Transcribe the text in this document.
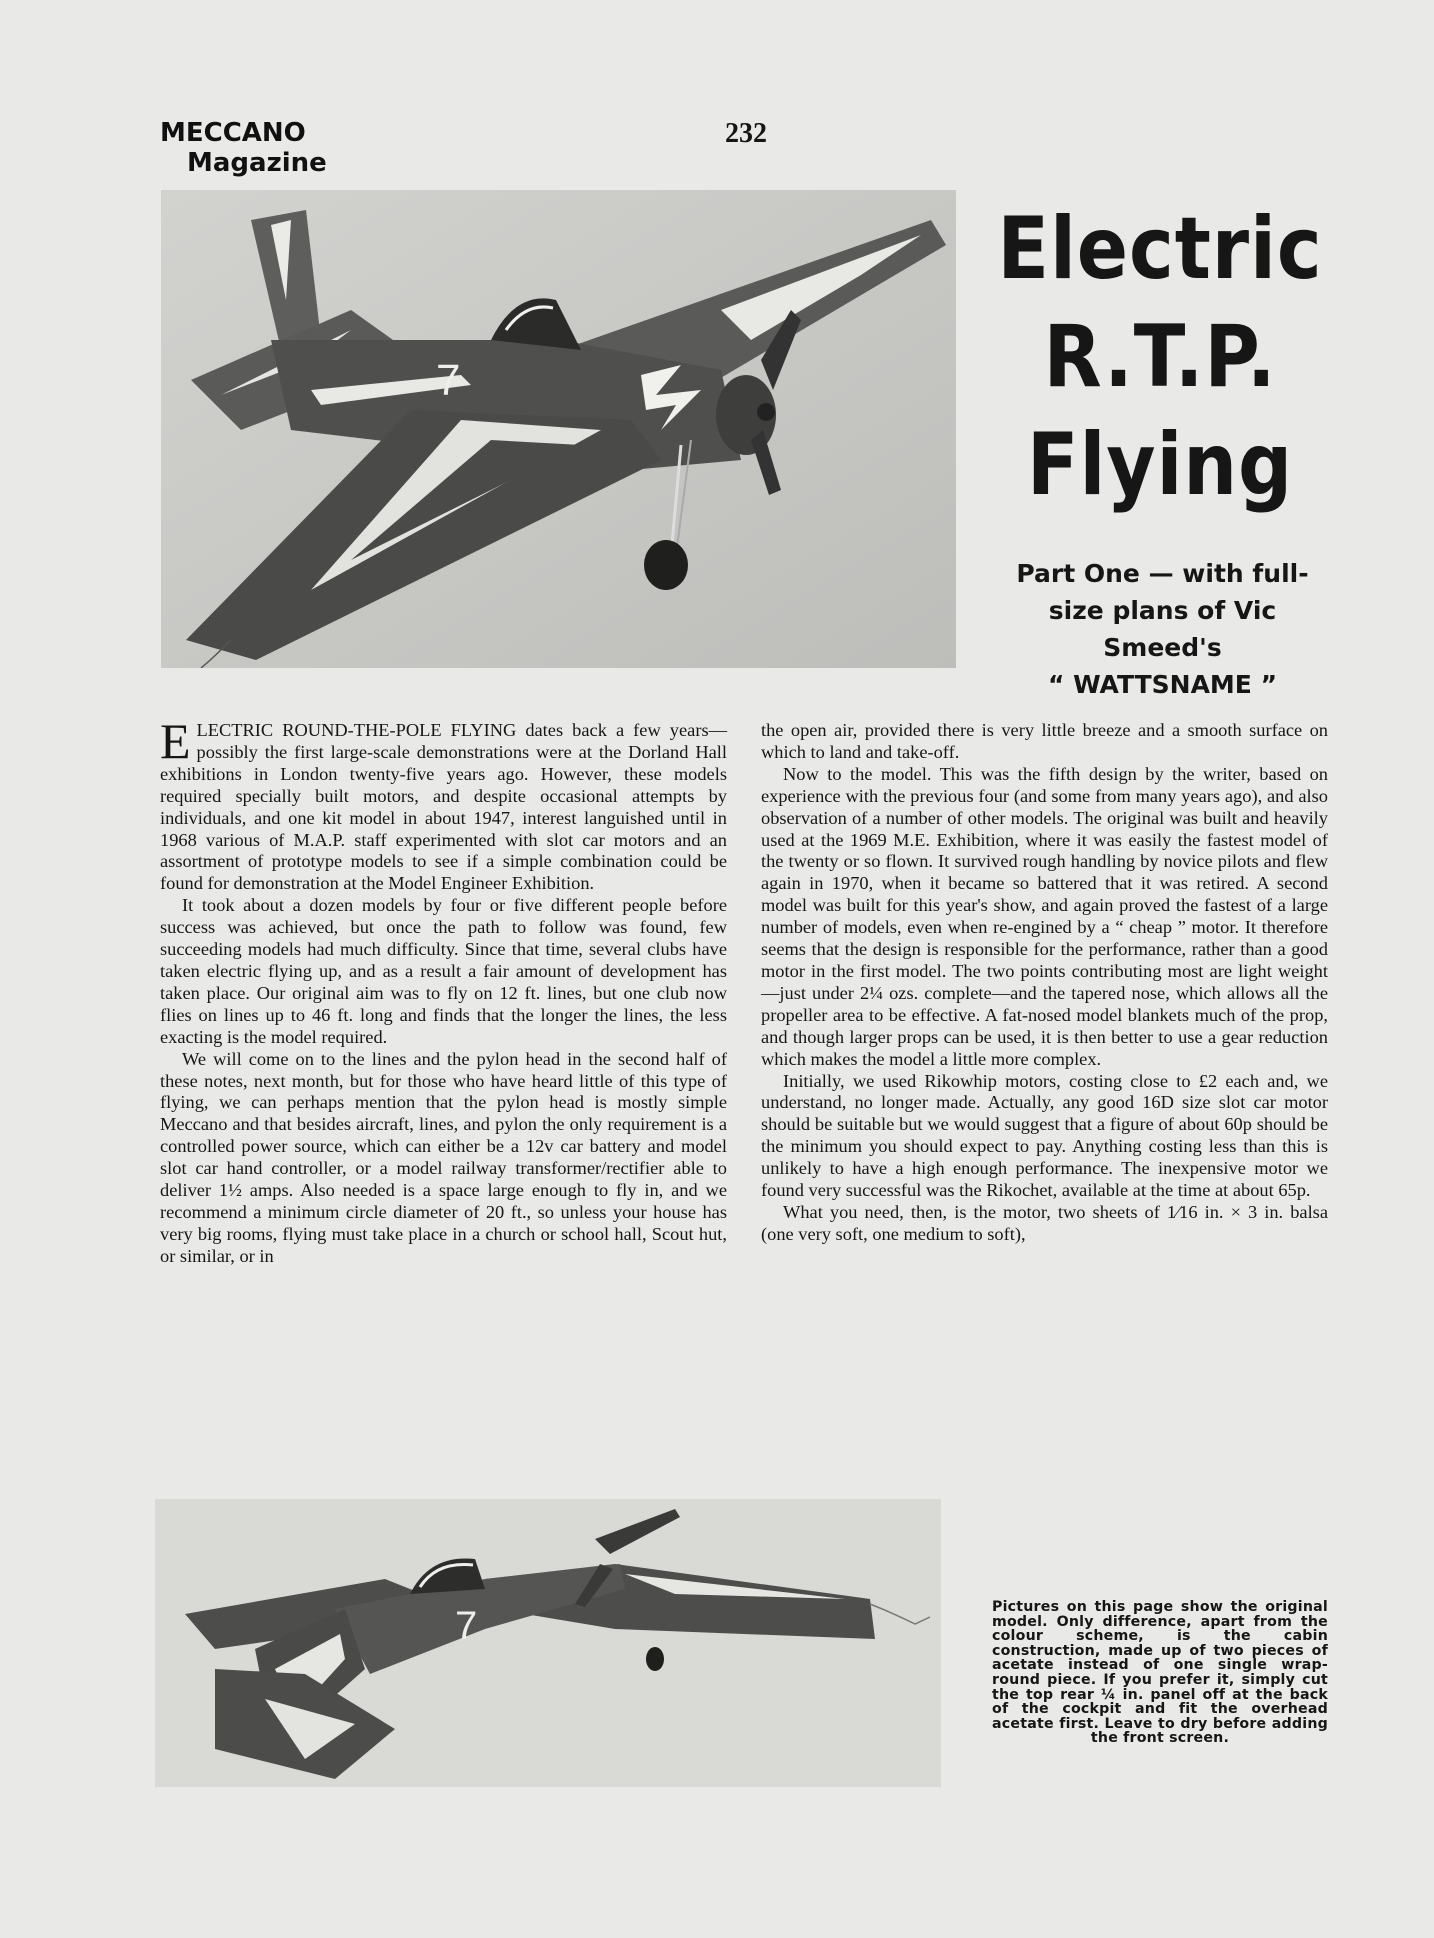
MECCANO
Magazine
232
7
Electric
R.T.P.
Flying
Part One — with full-
size plans of Vic Smeed's
“ WATTSNAME ”

ELECTRIC ROUND-THE-POLE FLYING dates back a few years—possibly the first large-scale demonstrations were at the Dorland Hall exhibitions in London twenty-five years ago. However, these models required specially built motors, and despite occasional attempts by individuals, and one kit model in about 1947, interest languished until in 1968 various of M.A.P. staff experimented with slot car motors and an assortment of prototype models to see if a simple combination could be found for demonstration at the Model Engineer Exhibition.

It took about a dozen models by four or five different people before success was achieved, but once the path to follow was found, few succeeding models had much difficulty. Since that time, several clubs have taken electric flying up, and as a result a fair amount of development has taken place. Our original aim was to fly on 12 ft. lines, but one club now flies on lines up to 46 ft. long and finds that the longer the lines, the less exacting is the model required.

We will come on to the lines and the pylon head in the second half of these notes, next month, but for those who have heard little of this type of flying, we can perhaps mention that the pylon head is mostly simple Meccano and that besides aircraft, lines, and pylon the only requirement is a controlled power source, which can either be a 12v car battery and model slot car hand controller, or a model railway transformer/rectifier able to deliver 1½ amps. Also needed is a space large enough to fly in, and we recommend a minimum circle diameter of 20 ft., so unless your house has very big rooms, flying must take place in a church or school hall, Scout hut, or similar, or in

the open air, provided there is very little breeze and a smooth surface on which to land and take-off.

Now to the model. This was the fifth design by the writer, based on experience with the previous four (and some from many years ago), and also observation of a number of other models. The original was built and heavily used at the 1969 M.E. Exhibition, where it was easily the fastest model of the twenty or so flown. It survived rough handling by novice pilots and flew again in 1970, when it became so battered that it was retired. A second model was built for this year's show, and again proved the fastest of a large number of models, even when re-engined by a “ cheap ” motor. It therefore seems that the design is responsible for the performance, rather than a good motor in the first model. The two points contributing most are light weight—just under 2¼ ozs. complete—and the tapered nose, which allows all the propeller area to be effective. A fat-nosed model blankets much of the prop, and though larger props can be used, it is then better to use a gear reduction which makes the model a little more complex.

Initially, we used Rikowhip motors, costing close to £2 each and, we understand, no longer made. Actually, any good 16D size slot car motor should be suitable but we would suggest that a figure of about 60p should be the minimum you should expect to pay. Anything costing less than this is unlikely to have a high enough performance. The inexpensive motor we found very successful was the Rikochet, available at the time at about 65p.

What you need, then, is the motor, two sheets of 1⁄16 in. × 3 in. balsa (one very soft, one medium to soft),

7	Pictures on this page show the original model. Only difference, apart from the colour scheme, is the cabin construction, made up of two pieces of acetate instead of one single wrap-round piece. If you prefer it, simply cut the top rear ¼ in. panel off at the back of the cockpit and fit the overhead acetate first. Leave to dry before adding the front screen.
